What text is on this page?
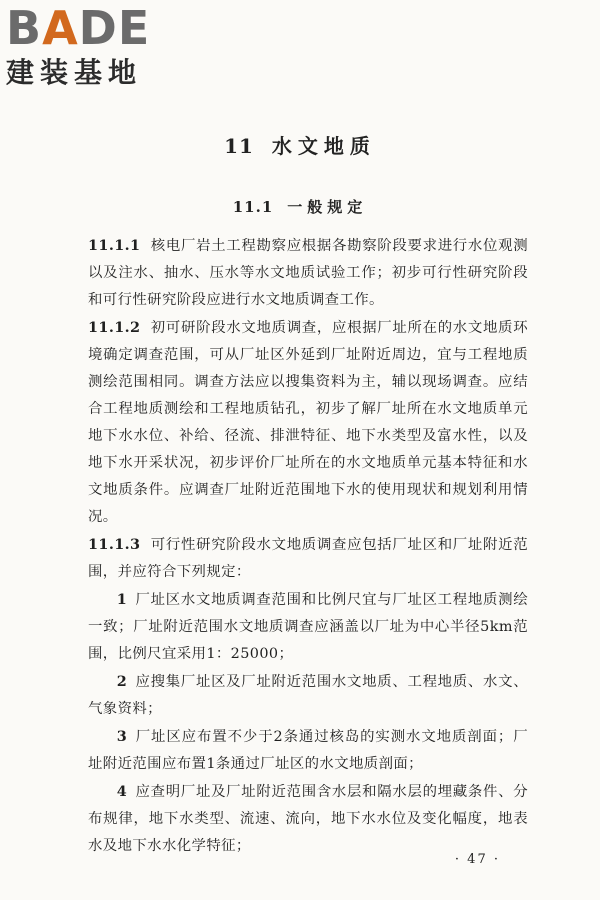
BADE
建装基地
11 水文地质
11.1 一般规定

11.1.1 核电厂岩土工程勘察应根据各勘察阶段要求进行水位观测以及注水、抽水、压水等水文地质试验工作；初步可行性研究阶段和可行性研究阶段应进行水文地质调查工作。

11.1.2 初可研阶段水文地质调查，应根据厂址所在的水文地质环境确定调查范围，可从厂址区外延到厂址附近周边，宜与工程地质测绘范围相同。调查方法应以搜集资料为主，辅以现场调查。应结合工程地质测绘和工程地质钻孔，初步了解厂址所在水文地质单元地下水水位、补给、径流、排泄特征、地下水类型及富水性，以及地下水开采状况，初步评价厂址所在的水文地质单元基本特征和水文地质条件。应调查厂址附近范围地下水的使用现状和规划利用情况。

11.1.3 可行性研究阶段水文地质调查应包括厂址区和厂址附近范围，并应符合下列规定：

1 厂址区水文地质调查范围和比例尺宜与厂址区工程地质测绘一致；厂址附近范围水文地质调查应涵盖以厂址为中心半径5km范围，比例尺宜采用1：25000；

2 应搜集厂址区及厂址附近范围水文地质、工程地质、水文、气象资料；

3 厂址区应布置不少于2条通过核岛的实测水文地质剖面；厂址附近范围应布置1条通过厂址区的水文地质剖面；

4 应查明厂址及厂址附近范围含水层和隔水层的埋藏条件、分布规律，地下水类型、流速、流向，地下水水位及变化幅度，地表水及地下水水化学特征；

· 47 ·
